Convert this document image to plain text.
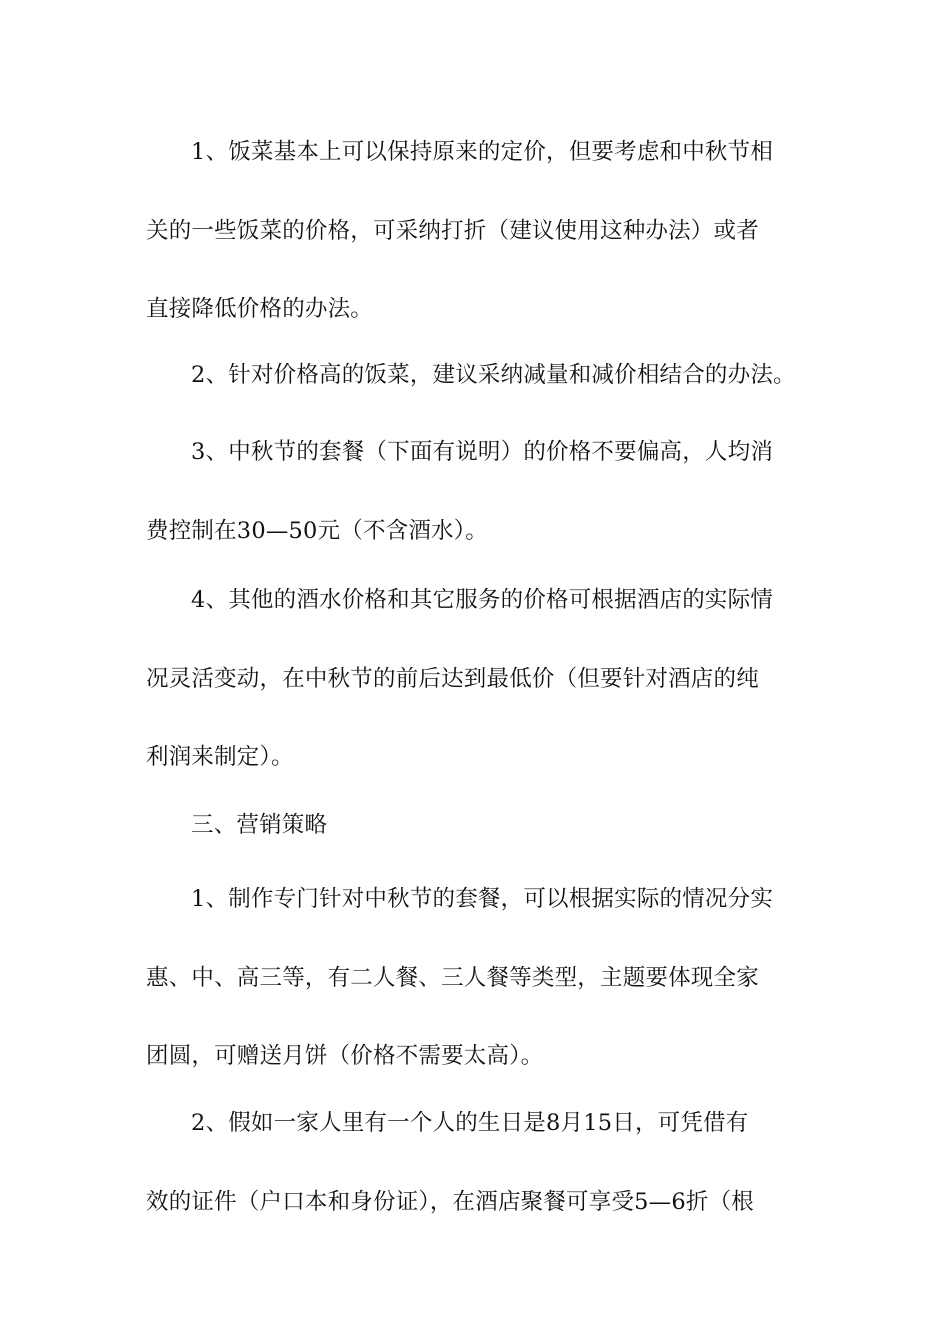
1、饭菜基本上可以保持原来的定价，但要考虑和中秋节相
关的一些饭菜的价格，可采纳打折（建议使用这种办法）或者
直接降低价格的办法。

2、针对价格高的饭菜，建议采纳减量和减价相结合的办法。

3、中秋节的套餐（下面有说明）的价格不要偏高，人均消
费控制在30—50元（不含酒水）。

4、其他的酒水价格和其它服务的价格可根据酒店的实际情
况灵活变动，在中秋节的前后达到最低价（但要针对酒店的纯
利润来制定）。

三、营销策略

1、制作专门针对中秋节的套餐，可以根据实际的情况分实
惠、中、高三等，有二人餐、三人餐等类型，主题要体现全家
团圆，可赠送月饼（价格不需要太高）。

2、假如一家人里有一个人的生日是8月15日，可凭借有
效的证件（户口本和身份证），在酒店聚餐可享受5—6折（根
